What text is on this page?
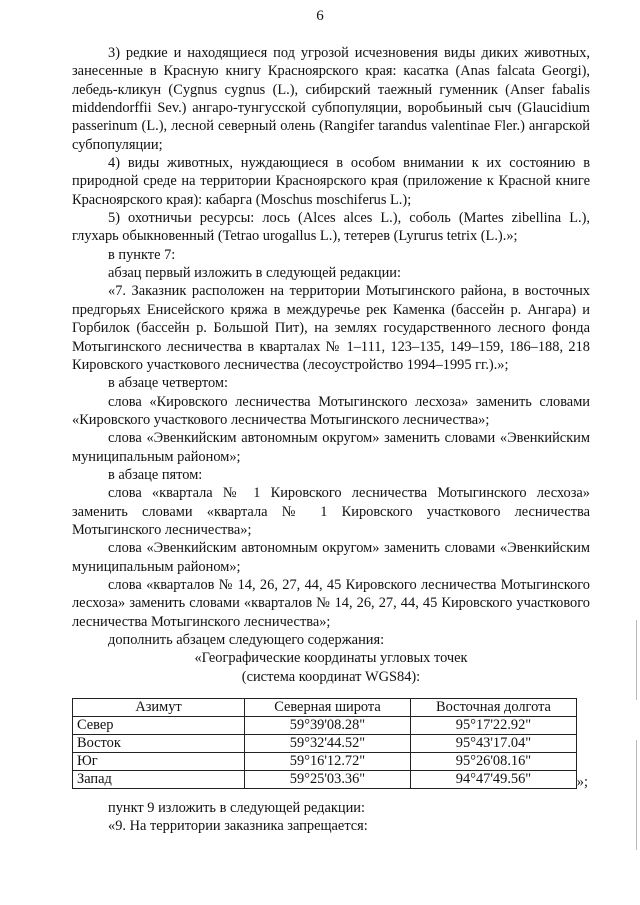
6

3) редкие и находящиеся под угрозой исчезновения виды диких животных, занесенные в Красную книгу Красноярского края: касатка (Anas falcata Georgi), лебедь-кликун (Cygnus cygnus (L.), сибирский таежный гуменник (Anser fabalis middendorffii Sev.) ангаро-тунгусской субпопуляции, воробьиный сыч (Glaucidium passerinum (L.), лесной северный олень (Rangifer tarandus valentinae Fler.) ангарской субпопуляции;

4) виды животных, нуждающиеся в особом внимании к их состоянию в природной среде на территории Красноярского края (приложение к Красной книге Красноярского края): кабарга (Moschus moschiferus L.);

5) охотничьи ресурсы: лось (Alces alces L.), соболь (Martes zibellina L.), глухарь обыкновенный (Tetrao urogallus L.), тетерев (Lyrurus tetrix (L.).»;

в пункте 7:

абзац первый изложить в следующей редакции:

«7. Заказник расположен на территории Мотыгинского района, в восточных предгорьях Енисейского кряжа в междуречье рек Каменка (бассейн р. Ангара) и Горбилок (бассейн р. Большой Пит), на землях государственного лесного фонда Мотыгинского лесничества в кварталах № 1–111, 123–135, 149–159, 186–188, 218 Кировского участкового лесничества (лесоустройство 1994–1995 гг.).»;

в абзаце четвертом:

слова «Кировского лесничества Мотыгинского лесхоза» заменить словами «Кировского участкового лесничества Мотыгинского лесничества»;

слова «Эвенкийским автономным округом» заменить словами «Эвенкийским муниципальным районом»;

в абзаце пятом:

слова «квартала № 1 Кировского лесничества Мотыгинского лесхоза» заменить словами «квартала № 1 Кировского участкового лесничества Мотыгинского лесничества»;

слова «Эвенкийским автономным округом» заменить словами «Эвенкийским муниципальным районом»;

слова «кварталов № 14, 26, 27, 44, 45 Кировского лесничества Мотыгинского лесхоза» заменить словами «кварталов № 14, 26, 27, 44, 45 Кировского участкового лесничества Мотыгинского лесничества»;

дополнить абзацем следующего содержания:

«Географические координаты угловых точек

(система координат WGS84):

Азимут	Северная широта	Восточная долгота
Север	59°39'08.28"	95°17'22.92"
Восток	59°32'44.52"	95°43'17.04"
Юг	59°16'12.72"	95°26'08.16"
Запад	59°25'03.36"	94°47'49.56"	»;

пункт 9 изложить в следующей редакции:

«9. На территории заказника запрещается:
